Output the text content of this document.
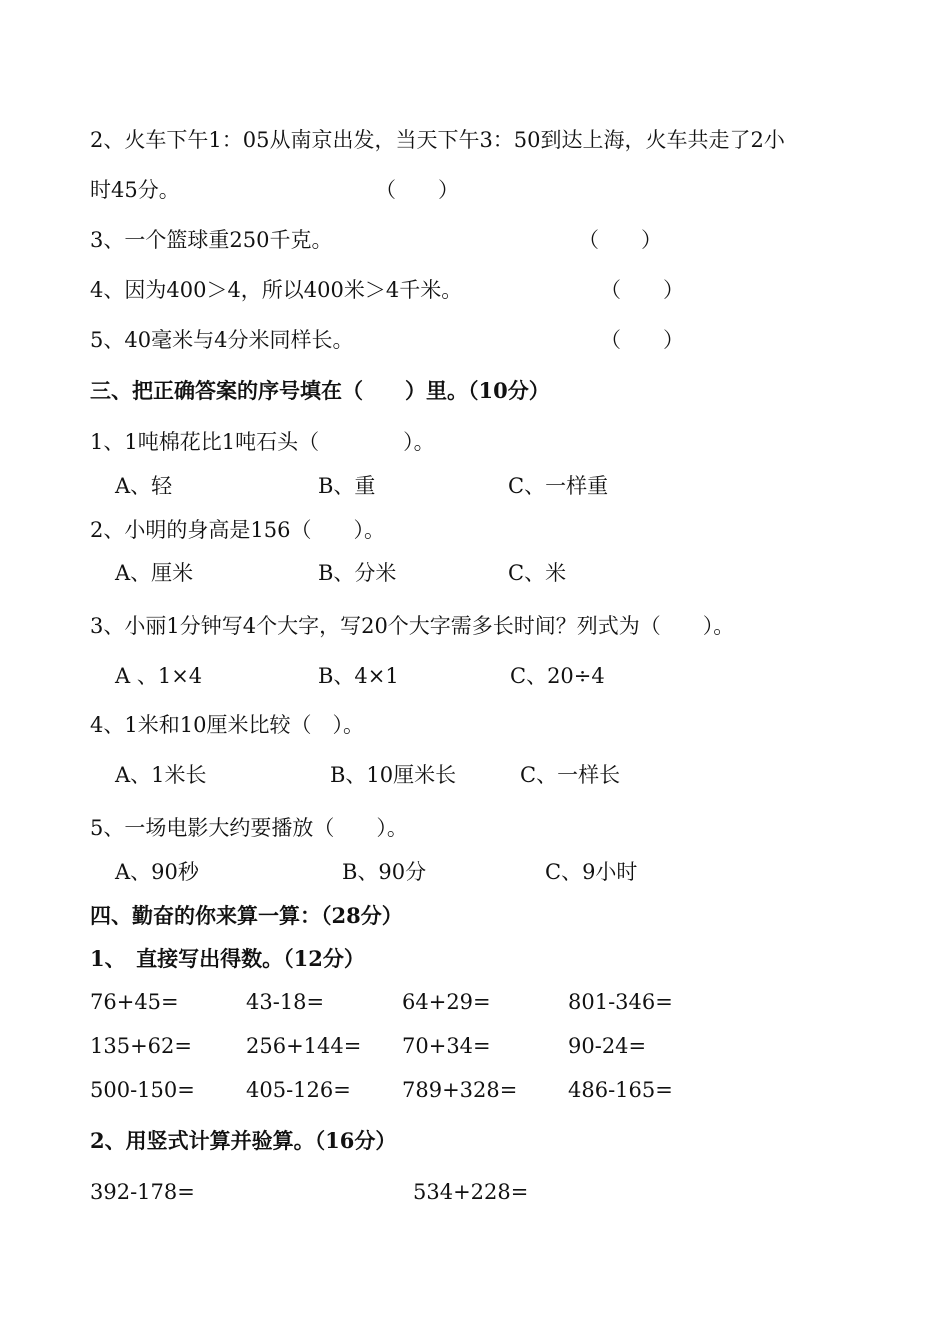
2、火车下午1：05从南京出发，当天下午3：50到达上海，火车共走了2小
时45分。	（　　）
3、一个篮球重250千克。	（　　）
4、因为400＞4，所以400米＞4千米。	（　　）
5、40毫米与4分米同样长。	（　　）
三、把正确答案的序号填在（　　）里。（10分）
1、1吨棉花比1吨石头（　　　　）。
A、轻	B、重	C、一样重
2、小明的身高是156（　　）。
A、厘米	B、分米	C、米
3、小丽1分钟写4个大字，写20个大字需多长时间？列式为（　　）。
A 、1×4	B、4×1	C、20÷4
4、1米和10厘米比较（　）。
A、1米长	B、10厘米长	C、一样长
5、一场电影大约要播放（　　）。
A、90秒	B、90分	C、9小时
四、勤奋的你来算一算：（28分）
1、　直接写出得数。（12分）
76+45=	43-18=	64+29=	801-346=
135+62=	256+144= 70+34=	90-24=
500-150= 405-126= 789+328= 486-165=
2、用竖式计算并验算。（16分）
392-178=	534+228=
